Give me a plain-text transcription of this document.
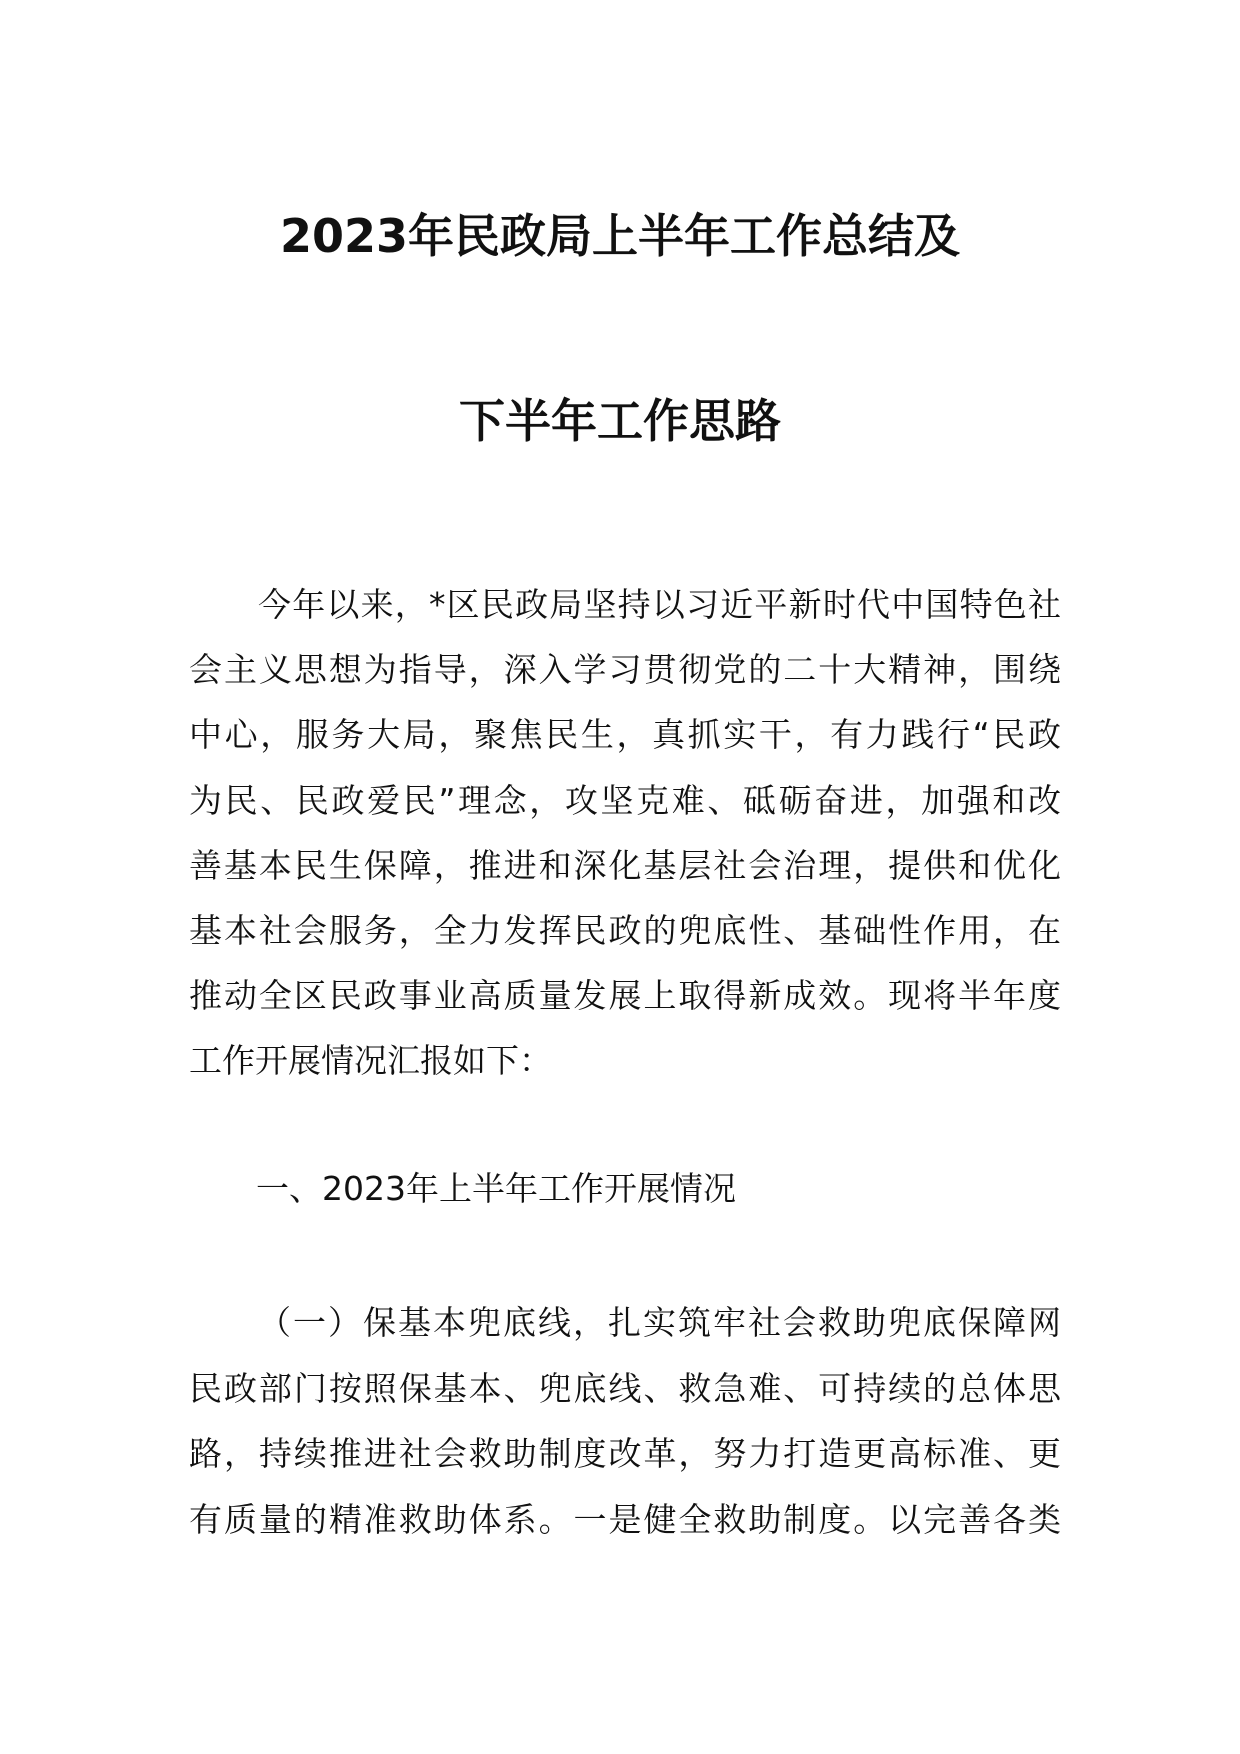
2023年民政局上半年工作总结及
下半年工作思路
今年以来，*区民政局坚持以习近平新时代中国特色社
会主义思想为指导，深入学习贯彻党的二十大精神，围绕
中心，服务大局，聚焦民生，真抓实干，有力践行“民政
为民、民政爱民”理念，攻坚克难、砥砺奋进，加强和改
善基本民生保障，推进和深化基层社会治理，提供和优化
基本社会服务，全力发挥民政的兜底性、基础性作用，在
推动全区民政事业高质量发展上取得新成效。现将半年度
工作开展情况汇报如下：
一、2023年上半年工作开展情况
（一）保基本兜底线，扎实筑牢社会救助兜底保障网
民政部门按照保基本、兜底线、救急难、可持续的总体思
路，持续推进社会救助制度改革，努力打造更高标准、更
有质量的精准救助体系。一是健全救助制度。以完善各类
